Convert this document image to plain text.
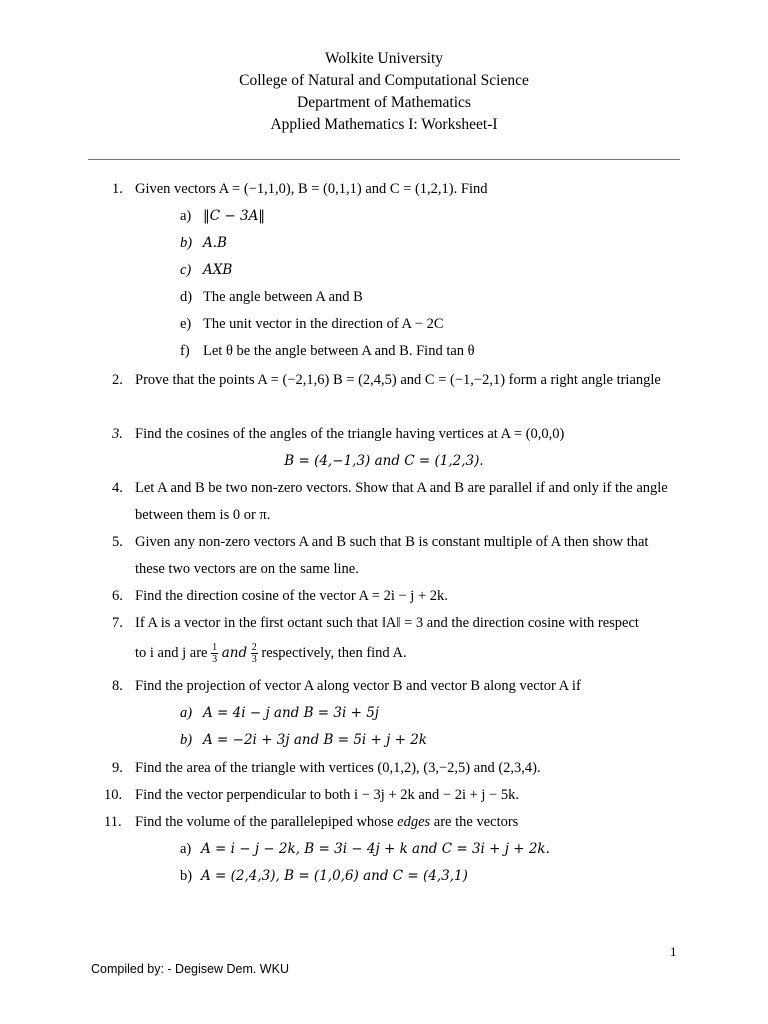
Wolkite University
College of Natural and Computational Science
Department of Mathematics
Applied Mathematics I: Worksheet-I
1. Given vectors A = (−1,1,0), B = (0,1,1) and C = (1,2,1). Find
a) ‖C − 3A‖
b) A.B
c) AXB
d) The angle between A and B
e) The unit vector in the direction of A − 2C
f) Let θ be the angle between A and B. Find tan θ
2. Prove that the points A = (−2,1,6) B = (2,4,5) and C = (−1,−2,1) form a right angle triangle
3. Find the cosines of the angles of the triangle having vertices at A = (0,0,0)
B = (4,−1,3) and C = (1,2,3).
4. Let A and B be two non-zero vectors. Show that A and B are parallel if and only if the angle between them is 0 or π.
5. Given any non-zero vectors A and B such that B is constant multiple of A then show that these two vectors are on the same line.
6. Find the direction cosine of the vector A = 2i − j + 2k.
7. If A is a vector in the first octant such that ‖A‖ = 3 and the direction cosine with respect
to i and j are $\frac{1}{3}$ and $\frac{2}{3}$ respectively, then find A.
8. Find the projection of vector A along vector B and vector B along vector A if
a) A = 4i − j and B = 3i + 5j
b) A = −2i + 3j and B = 5i + j + 2k
9. Find the area of the triangle with vertices (0,1,2), (3,−2,5) and (2,3,4).
10. Find the vector perpendicular to both i − 3j + 2k and − 2i + j − 5k.
11. Find the volume of the parallelepiped whose edges are the vectors
a) A = i − j − 2k, B = 3i − 4j + k and C = 3i + j + 2k.
b) A = (2,4,3), B = (1,0,6) and C = (4,3,1)
1
Compiled by: - Degisew Dem. WKU
